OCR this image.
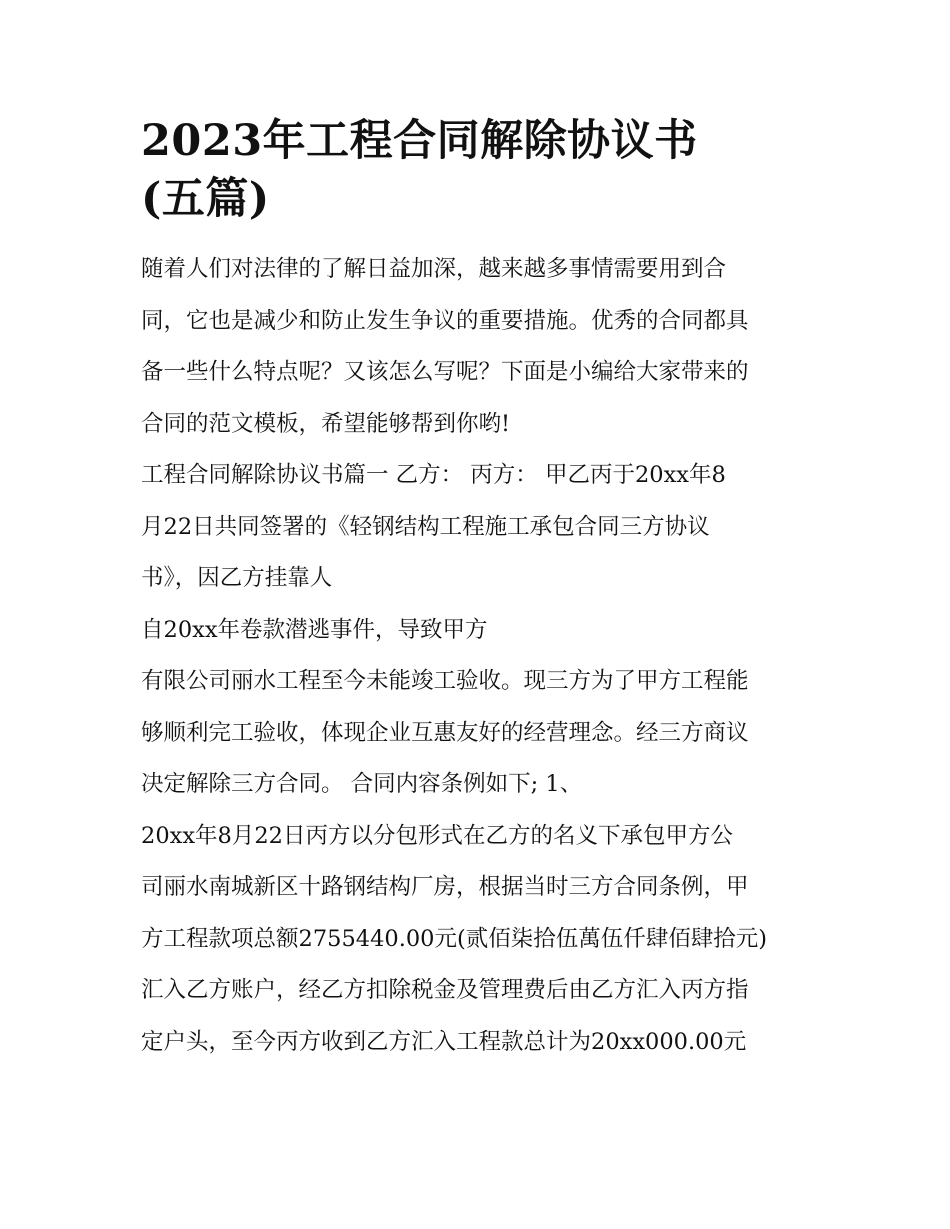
2023年工程合同解除协议书
(五篇)
随着人们对法律的了解日益加深，越来越多事情需要用到合
同，它也是减少和防止发生争议的重要措施。优秀的合同都具
备一些什么特点呢？又该怎么写呢？下面是小编给大家带来的
合同的范文模板，希望能够帮到你哟!
工程合同解除协议书篇一 乙方： 丙方： 甲乙丙于20xx年8
月22日共同签署的《轻钢结构工程施工承包合同三方协议
书》，因乙方挂靠人
自20xx年卷款潜逃事件，导致甲方
有限公司丽水工程至今未能竣工验收。现三方为了甲方工程能
够顺利完工验收，体现企业互惠友好的经营理念。经三方商议
决定解除三方合同。 合同内容条例如下; 1、
20xx年8月22日丙方以分包形式在乙方的名义下承包甲方公
司丽水南城新区十路钢结构厂房，根据当时三方合同条例，甲
方工程款项总额2755440.00元(贰佰柒拾伍萬伍仟肆佰肆拾元)
汇入乙方账户，经乙方扣除税金及管理费后由乙方汇入丙方指
定户头，至今丙方收到乙方汇入工程款总计为20xx000.00元
